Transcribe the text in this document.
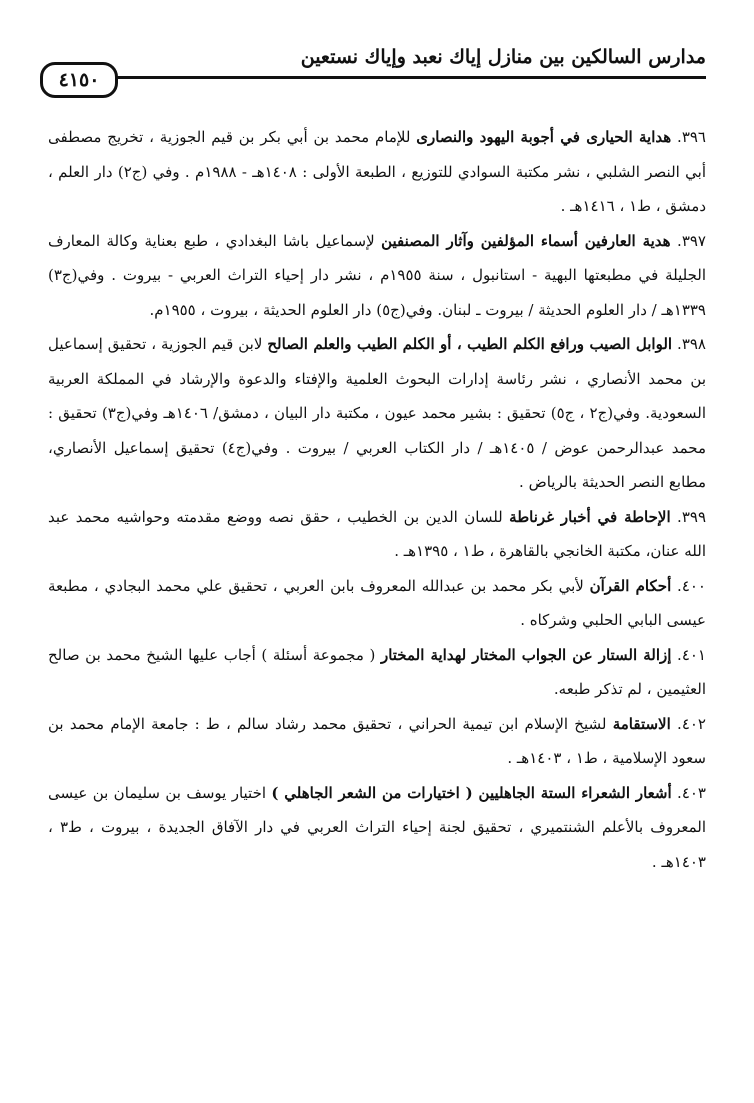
مدارس السالكين بين منازل إياك نعبد وإياك نستعين
٤١٥٠

٣٩٦. هداية الحيارى في أجوبة اليهود والنصارى للإمام محمد بن أبي بكر بن قيم الجوزية ، تخريج مصطفى أبي النصر الشلبي ، نشر مكتبة السوادي للتوزيع ، الطبعة الأولى : ١٤٠٨هـ - ١٩٨٨م . وفي (ج٢) دار العلم ، دمشق ، ط١ ، ١٤١٦هـ .

٣٩٧. هدية العارفين أسماء المؤلفين وآثار المصنفين لإسماعيل باشا البغدادي ، طبع بعناية وكالة المعارف الجليلة في مطبعتها البهية - استانبول ، سنة ١٩٥٥م ، نشر دار إحياء التراث العربي - بيروت . وفي(ج٣) ١٣٣٩هـ / دار العلوم الحديثة / بيروت ـ لبنان. وفي(ج٥) دار العلوم الحديثة ، بيروت ، ١٩٥٥م.

٣٩٨. الوابل الصيب ورافع الكلم الطيب ، أو الكلم الطيب والعلم الصالح لابن قيم الجوزية ، تحقيق إسماعيل بن محمد الأنصاري ، نشر رئاسة إدارات البحوث العلمية والإفتاء والدعوة والإرشاد في المملكة العربية السعودية. وفي(ج٢ ، ج٥) تحقيق : بشير محمد عيون ، مكتبة دار البيان ، دمشق/ ١٤٠٦هـ وفي(ج٣) تحقيق : محمد عبدالرحمن عوض / ١٤٠٥هـ / دار الكتاب العربي / بيروت . وفي(ج٤) تحقيق إسماعيل الأنصاري، مطابع النصر الحديثة بالرياض .

٣٩٩. الإحاطة في أخبار غرناطة للسان الدين بن الخطيب ، حقق نصه ووضع مقدمته وحواشيه محمد عبد الله عنان، مكتبة الخانجي بالقاهرة ، ط١ ، ١٣٩٥هـ .

٤٠٠. أحكام القرآن لأبي بكر محمد بن عبدالله المعروف بابن العربي ، تحقيق علي محمد البجادي ، مطبعة عيسى البابي الحلبي وشركاه .

٤٠١. إزالة الستار عن الجواب المختار لهداية المختار ( مجموعة أسئلة ) أجاب عليها الشيخ محمد بن صالح العثيمين ، لم تذكر طبعه.

٤٠٢. الاستقامة لشيخ الإسلام ابن تيمية الحراني ، تحقيق محمد رشاد سالم ، ط : جامعة الإمام محمد بن سعود الإسلامية ، ط١ ، ١٤٠٣هـ .

٤٠٣. أشعار الشعراء الستة الجاهليين ( اختيارات من الشعر الجاهلي ) اختيار يوسف بن سليمان بن عيسى المعروف بالأعلم الشنتميري ، تحقيق لجنة إحياء التراث العربي في دار الآفاق الجديدة ، بيروت ، ط٣ ، ١٤٠٣هـ .
